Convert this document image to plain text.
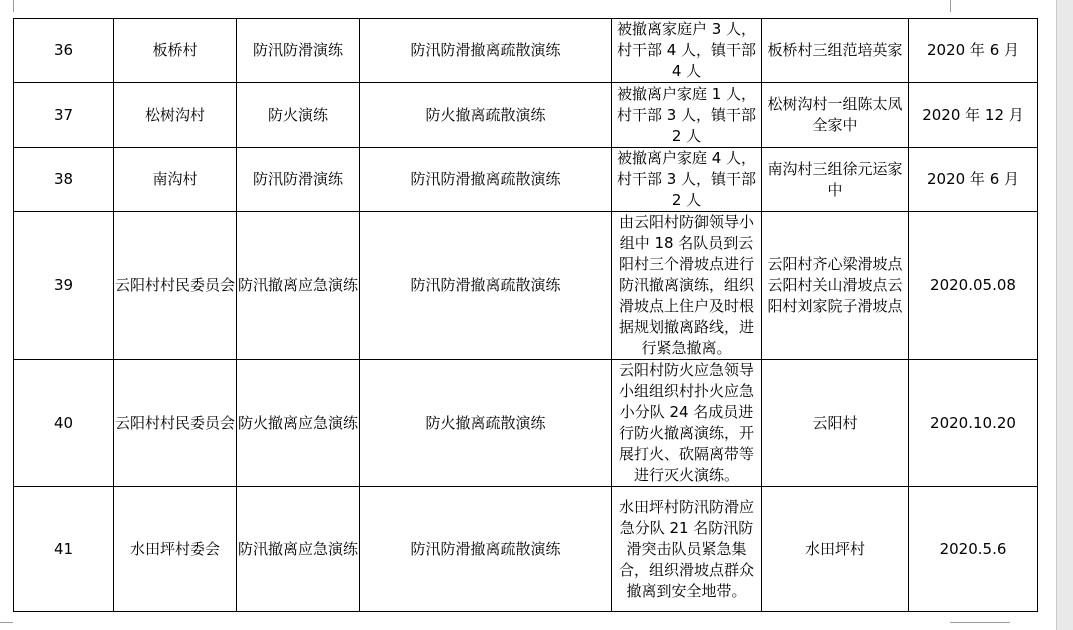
36	板桥村	防汛防滑演练	防汛防滑撤离疏散演练	被撤离家庭户 3 人，村干部 4 人，镇干部 4 人	板桥村三组范培英家	2020 年 6 月
37	松树沟村	防火演练	防火撤离疏散演练	被撤离户家庭 1 人，村干部 3 人，镇干部 2 人	松树沟村一组陈太凤全家中	2020 年 12 月
38	南沟村	防汛防滑演练	防汛防滑撤离疏散演练	被撤离户家庭 4 人，村干部 3 人，镇干部 2 人	南沟村三组徐元运家中	2020 年 6 月
39	云阳村村民委员会	防汛撤离应急演练	防汛防滑撤离疏散演练	由云阳村防御领导小组中 18 名队员到云阳村三个滑坡点进行防汛撤离演练，组织滑坡点上住户及时根据规划撤离路线，进行紧急撤离。	云阳村齐心梁滑坡点云阳村关山滑坡点云阳村刘家院子滑坡点	2020.05.08
40	云阳村村民委员会	防火撤离应急演练	防火撤离疏散演练	云阳村防火应急领导小组组织村扑火应急小分队 24 名成员进行防火撤离演练，开展打火、砍隔离带等进行灭火演练。	云阳村	2020.10.20
41	水田坪村委会	防汛撤离应急演练	防汛防滑撤离疏散演练	水田坪村防汛防滑应急分队 21 名防汛防滑突击队员紧急集合，组织滑坡点群众撤离到安全地带。	水田坪村	2020.5.6
